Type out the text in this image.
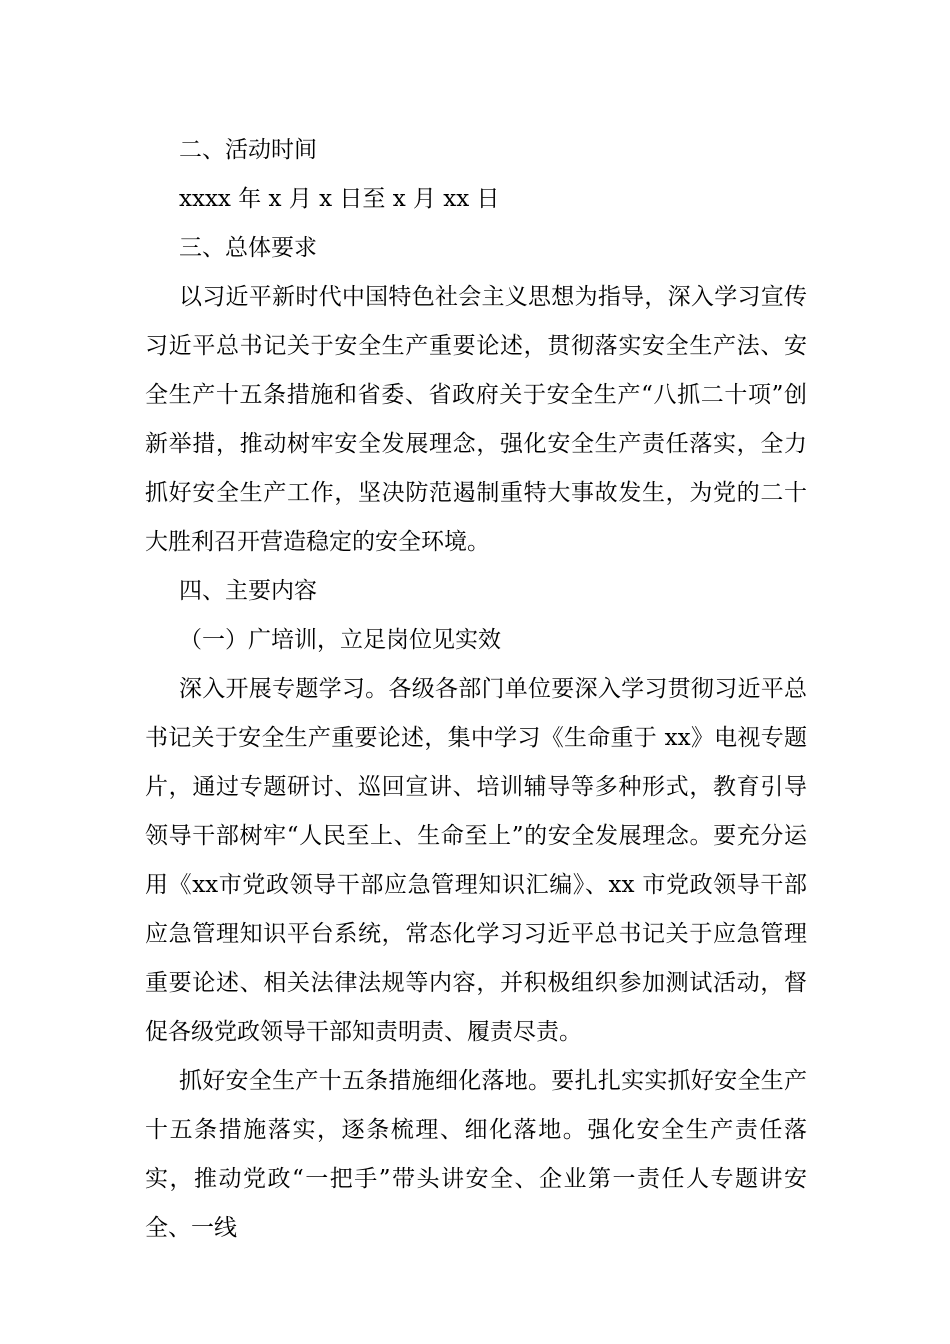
二、活动时间

xxxx 年 x 月 x 日至 x 月 xx 日

三、总体要求

以习近平新时代中国特色社会主义思想为指导，深入学习宣传习近平总书记关于安全生产重要论述，贯彻落实安全生产法、安全生产十五条措施和省委、省政府关于安全生产“八抓二十项”创新举措，推动树牢安全发展理念，强化安全生产责任落实，全力抓好安全生产工作，坚决防范遏制重特大事故发生，为党的二十大胜利召开营造稳定的安全环境。

四、主要内容

（一）广培训，立足岗位见实效

深入开展专题学习。各级各部门单位要深入学习贯彻习近平总书记关于安全生产重要论述，集中学习《生命重于 xx》电视专题片，通过专题研讨、巡回宣讲、培训辅导等多种形式，教育引导领导干部树牢“人民至上、生命至上”的安全发展理念。要充分运用《xx市党政领导干部应急管理知识汇编》、xx 市党政领导干部应急管理知识平台系统，常态化学习习近平总书记关于应急管理重要论述、相关法律法规等内容，并积极组织参加测试活动，督促各级党政领导干部知责明责、履责尽责。

抓好安全生产十五条措施细化落地。要扎扎实实抓好安全生产十五条措施落实，逐条梳理、细化落地。强化安全生产责任落实，推动党政“一把手”带头讲安全、企业第一责任人专题讲安全、一线
